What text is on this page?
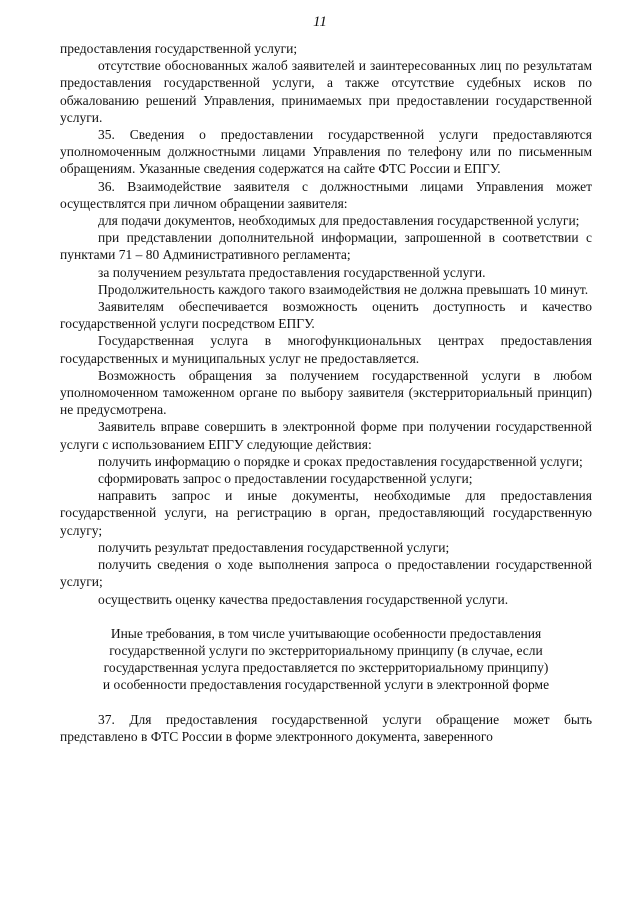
11

предоставления государственной услуги;

отсутствие обоснованных жалоб заявителей и заинтересованных лиц по результатам предоставления государственной услуги, а также отсутствие судебных исков по обжалованию решений Управления, принимаемых при предоставлении государственной услуги.

35. Сведения о предоставлении государственной услуги предоставляются уполномоченным должностными лицами Управления по телефону или по письменным обращениям. Указанные сведения содержатся на сайте ФТС России и ЕПГУ.

36. Взаимодействие заявителя с должностными лицами Управления может осуществлятся при личном обращении заявителя:

для подачи документов, необходимых для предоставления государственной услуги;

при представлении дополнительной информации, запрошенной в соответствии с пунктами 71 – 80 Административного регламента;

за получением результата предоставления государственной услуги.

Продолжительность каждого такого взаимодействия не должна превышать 10 минут.

Заявителям обеспечивается возможность оценить доступность и качество государственной услуги посредством ЕПГУ.

Государственная услуга в многофункциональных центрах предоставления государственных и муниципальных услуг не предоставляется.

Возможность обращения за получением государственной услуги в любом уполномоченном таможенном органе по выбору заявителя (экстерриториальный принцип) не предусмотрена.

Заявитель вправе совершить в электронной форме при получении государственной услуги с использованием ЕПГУ следующие действия:

получить информацию о порядке и сроках предоставления государственной услуги;

сформировать запрос о предоставлении государственной услуги;

направить запрос и иные документы, необходимые для предоставления государственной услуги, на регистрацию в орган, предоставляющий государственную услугу;

получить результат предоставления государственной услуги;

получить сведения о ходе выполнения запроса о предоставлении государственной услуги;

осуществить оценку качества предоставления государственной услуги.

Иные требования, в том числе учитывающие особенности предоставления
государственной услуги по экстерриториальному принципу (в случае, если
государственная услуга предоставляется по экстерриториальному принципу)
и особенности предоставления государственной услуги в электронной форме

37. Для предоставления государственной услуги обращение может быть представлено в ФТС России в форме электронного документа, заверенного
